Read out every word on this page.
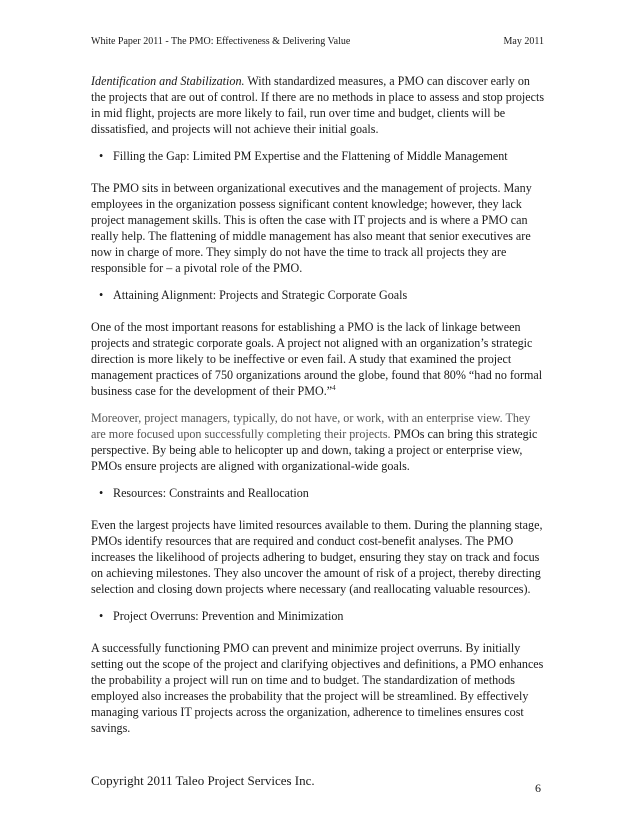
White Paper 2011 - The PMO: Effectiveness & Delivering Value	May 2011

Identification and Stabilization. With standardized measures, a PMO can discover early on the projects that are out of control. If there are no methods in place to assess and stop projects in mid flight, projects are more likely to fail, run over time and budget, clients will be dissatisfied, and projects will not achieve their initial goals.

• Filling the Gap: Limited PM Expertise and the Flattening of Middle Management

The PMO sits in between organizational executives and the management of projects. Many employees in the organization possess significant content knowledge; however, they lack project management skills. This is often the case with IT projects and is where a PMO can really help. The flattening of middle management has also meant that senior executives are now in charge of more. They simply do not have the time to track all projects they are responsible for – a pivotal role of the PMO.

• Attaining Alignment: Projects and Strategic Corporate Goals

One of the most important reasons for establishing a PMO is the lack of linkage between projects and strategic corporate goals. A project not aligned with an organization’s strategic direction is more likely to be ineffective or even fail. A study that examined the project management practices of 750 organizations around the globe, found that 80% “had no formal business case for the development of their PMO.”$^4$

Moreover, project managers, typically, do not have, or work, with an enterprise view. They are more focused upon successfully completing their projects. PMOs can bring this strategic perspective. By being able to helicopter up and down, taking a project or enterprise view, PMOs ensure projects are aligned with organizational-wide goals.

• Resources: Constraints and Reallocation

Even the largest projects have limited resources available to them. During the planning stage, PMOs identify resources that are required and conduct cost-benefit analyses. The PMO increases the likelihood of projects adhering to budget, ensuring they stay on track and focus on achieving milestones. They also uncover the amount of risk of a project, thereby directing selection and closing down projects where necessary (and reallocating valuable resources).

• Project Overruns: Prevention and Minimization

A successfully functioning PMO can prevent and minimize project overruns. By initially setting out the scope of the project and clarifying objectives and definitions, a PMO enhances the probability a project will run on time and to budget. The standardization of methods employed also increases the probability that the project will be streamlined. By effectively managing various IT projects across the organization, adherence to timelines ensures cost savings.

Copyright 2011 Taleo Project Services Inc.	6
